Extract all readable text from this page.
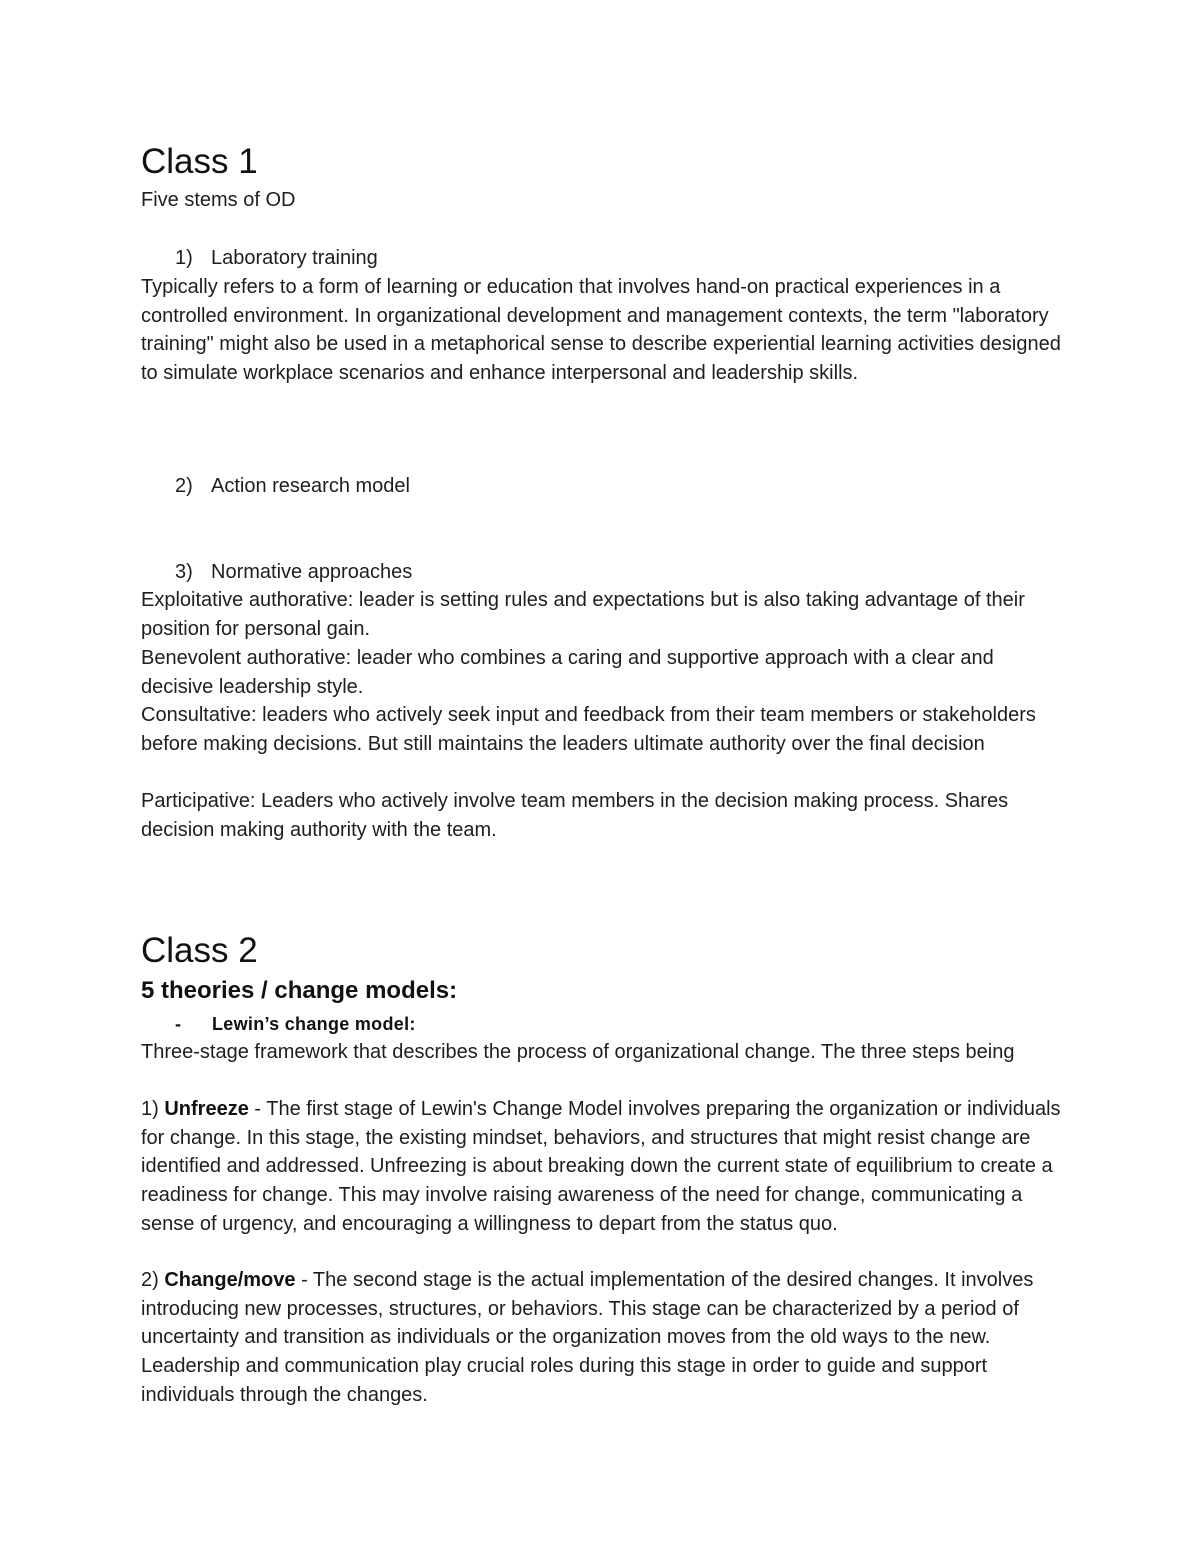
Class 1

Five stems of OD

1) Laboratory training

Typically refers to a form of learning or education that involves hand-on practical experiences in a controlled environment. In organizational development and management contexts, the term "laboratory training" might also be used in a metaphorical sense to describe experiential learning activities designed to simulate workplace scenarios and enhance interpersonal and leadership skills.

2) Action research model
3) Normative approaches

Exploitative authorative: leader is setting rules and expectations but is also taking advantage of their position for personal gain.

Benevolent authorative: leader who combines a caring and supportive approach with a clear and decisive leadership style.

Consultative: leaders who actively seek input and feedback from their team members or stakeholders before making decisions. But still maintains the leaders ultimate authority over the final decision

Participative: Leaders who actively involve team members in the decision making process. Shares decision making authority with the team.

Class 2
5 theories / change models:
- Lewin’s change model:

Three-stage framework that describes the process of organizational change. The three steps being

1) Unfreeze - The first stage of Lewin's Change Model involves preparing the organization or individuals for change. In this stage, the existing mindset, behaviors, and structures that might resist change are identified and addressed. Unfreezing is about breaking down the current state of equilibrium to create a readiness for change. This may involve raising awareness of the need for change, communicating a sense of urgency, and encouraging a willingness to depart from the status quo.

2) Change/move - The second stage is the actual implementation of the desired changes. It involves introducing new processes, structures, or behaviors. This stage can be characterized by a period of uncertainty and transition as individuals or the organization moves from the old ways to the new. Leadership and communication play crucial roles during this stage in order to guide and support individuals through the changes.
